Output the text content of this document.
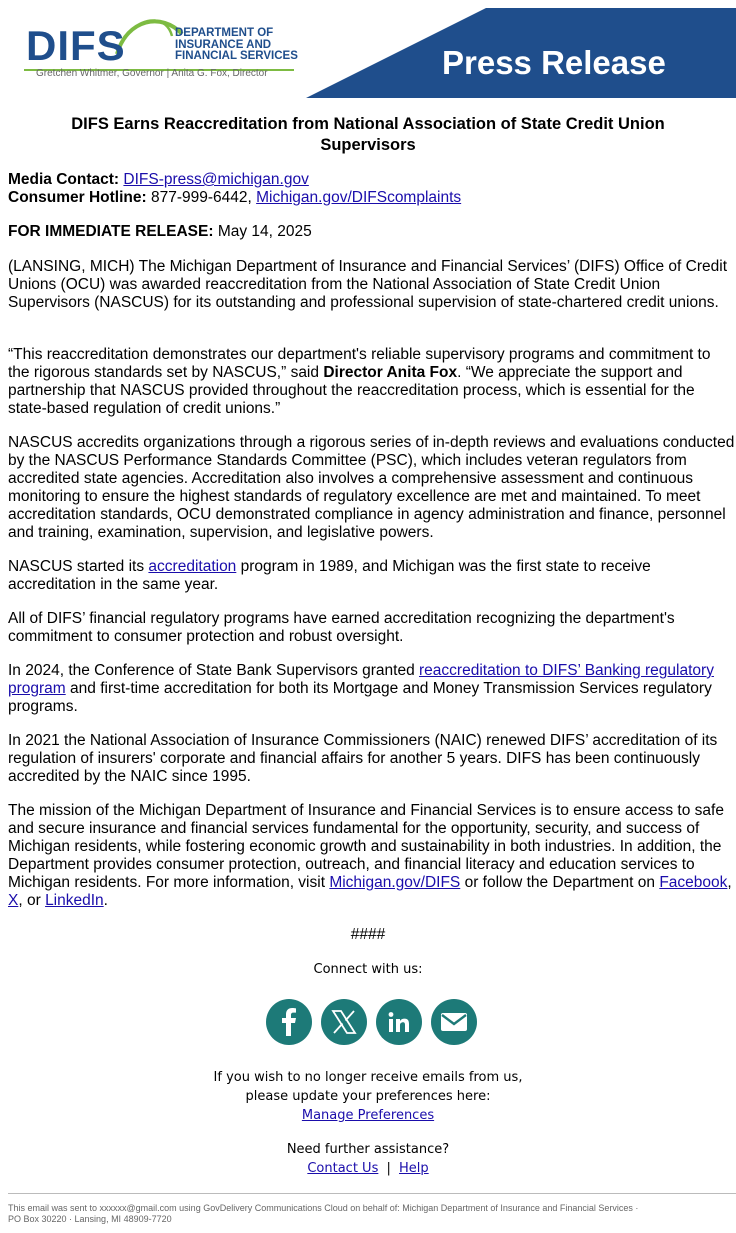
DIFS	DEPARTMENT OF INSURANCE AND FINANCIAL SERVICES
Gretchen Whitmer, Governor | Anita G. Fox, Director	Press Release
DIFS Earns Reaccreditation from National Association of State Credit Union Supervisors
Media Contact: DIFS-press@michigan.gov
Consumer Hotline: 877-999-6442, Michigan.gov/DIFScomplaints
FOR IMMEDIATE RELEASE: May 14, 2025
(LANSING, MICH) The Michigan Department of Insurance and Financial Services’ (DIFS) Office of Credit Unions (OCU) was awarded reaccreditation from the National Association of State Credit Union Supervisors (NASCUS) for its outstanding and professional supervision of state-chartered credit unions.
“This reaccreditation demonstrates our department's reliable supervisory programs and commitment to the rigorous standards set by NASCUS,” said Director Anita Fox. “We appreciate the support and partnership that NASCUS provided throughout the reaccreditation process, which is essential for the state-based regulation of credit unions.”
NASCUS accredits organizations through a rigorous series of in-depth reviews and evaluations conducted by the NASCUS Performance Standards Committee (PSC), which includes veteran regulators from accredited state agencies. Accreditation also involves a comprehensive assessment and continuous monitoring to ensure the highest standards of regulatory excellence are met and maintained. To meet accreditation standards, OCU demonstrated compliance in agency administration and finance, personnel and training, examination, supervision, and legislative powers.
NASCUS started its accreditation program in 1989, and Michigan was the first state to receive accreditation in the same year.
All of DIFS’ financial regulatory programs have earned accreditation recognizing the department's commitment to consumer protection and robust oversight.
In 2024, the Conference of State Bank Supervisors granted reaccreditation to DIFS’ Banking regulatory program and first-time accreditation for both its Mortgage and Money Transmission Services regulatory programs.
In 2021 the National Association of Insurance Commissioners (NAIC) renewed DIFS’ accreditation of its regulation of insurers' corporate and financial affairs for another 5 years. DIFS has been continuously accredited by the NAIC since 1995.
The mission of the Michigan Department of Insurance and Financial Services is to ensure access to safe and secure insurance and financial services fundamental for the opportunity, security, and success of Michigan residents, while fostering economic growth and sustainability in both industries. In addition, the Department provides consumer protection, outreach, and financial literacy and education services to Michigan residents. For more information, visit Michigan.gov/DIFS or follow the Department on Facebook, X, or LinkedIn.
####
Connect with us:
If you wish to no longer receive emails from us,
please update your preferences here:
Manage Preferences
Need further assistance?
Contact Us | Help
This email was sent to xxxxxx@gmail.com using GovDelivery Communications Cloud on behalf of: Michigan Department of Insurance and Financial Services · PO Box 30220 · Lansing, MI 48909-7720
